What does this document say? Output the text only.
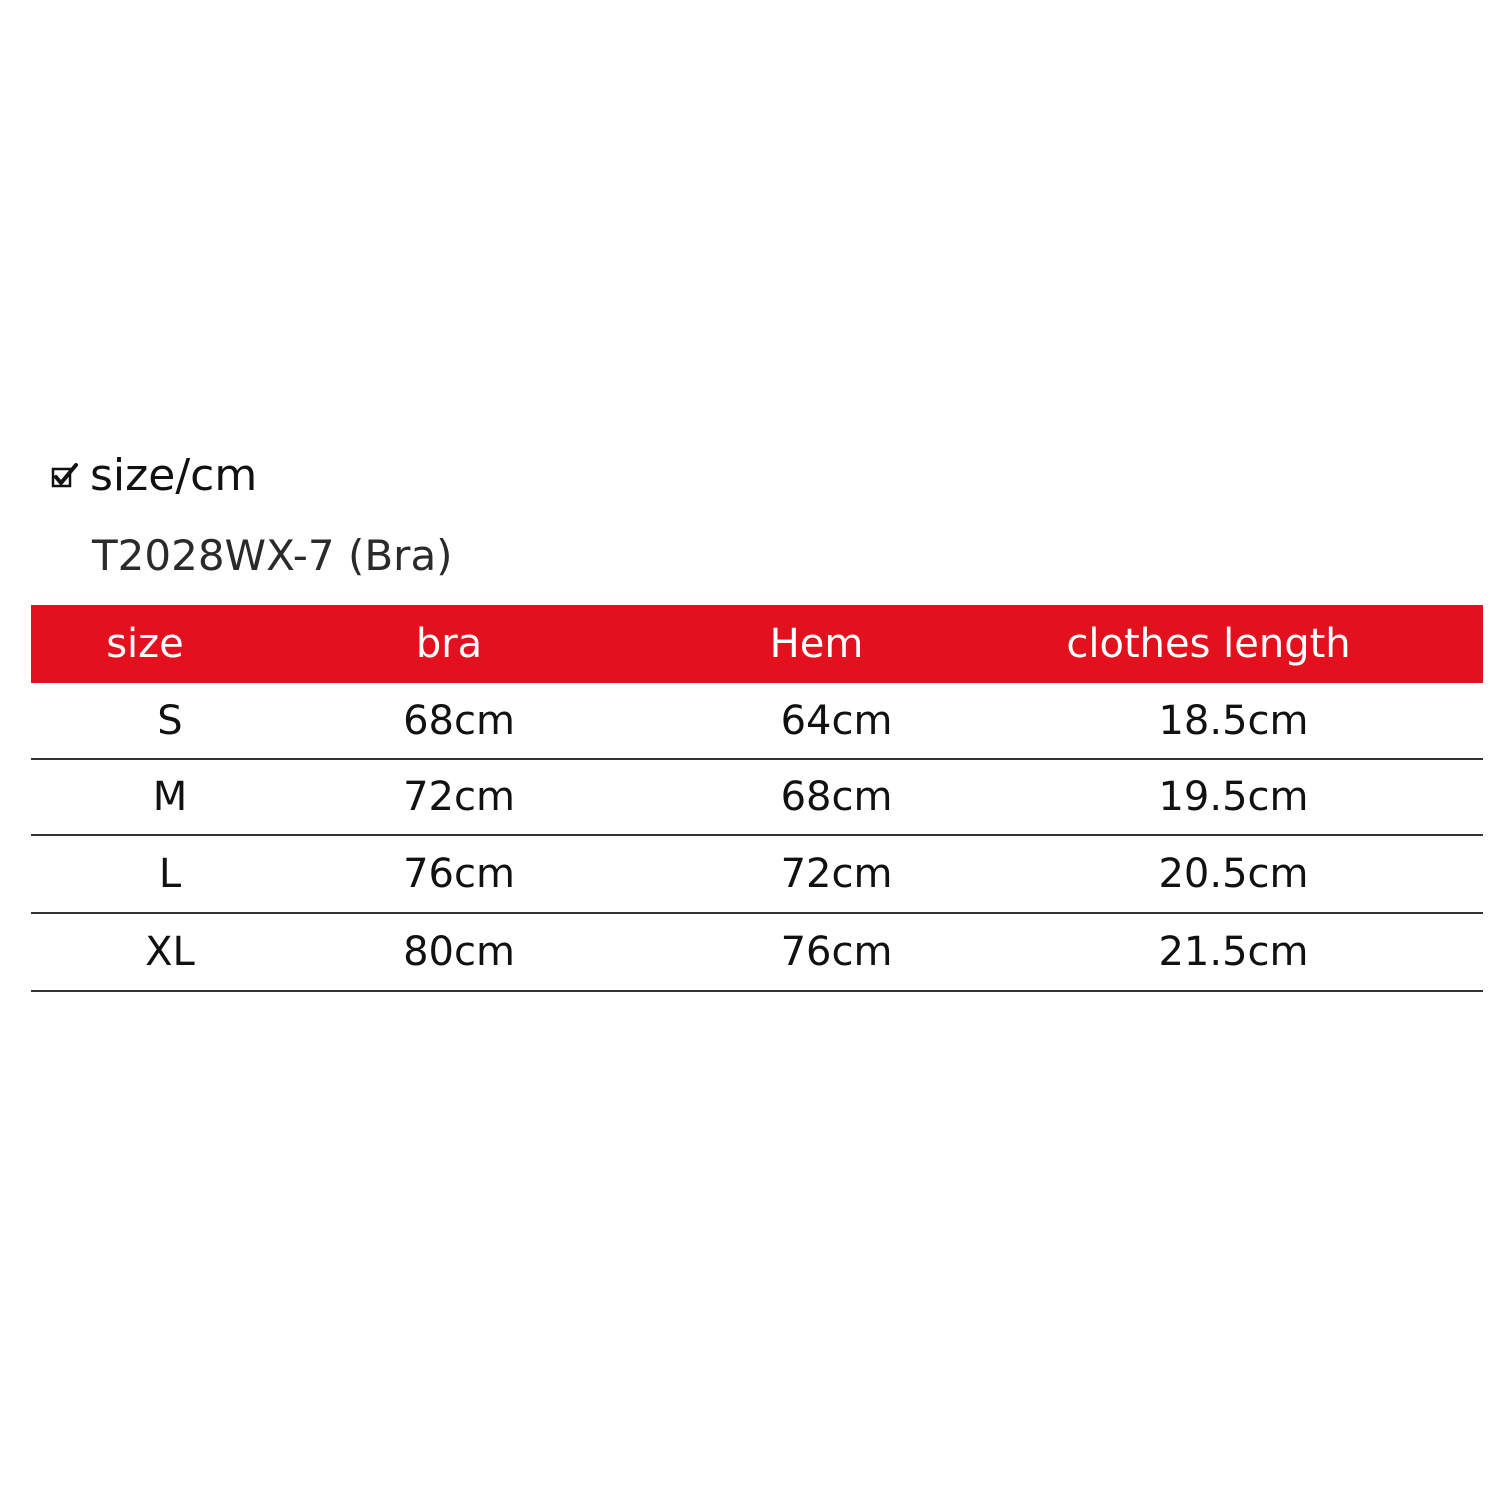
size/cm
T2028WX-7 (Bra)
size	bra	Hem	clothes length
S	68cm	64cm	18.5cm
M	72cm	68cm	19.5cm
L	76cm	72cm	20.5cm
XL	80cm	76cm	21.5cm
